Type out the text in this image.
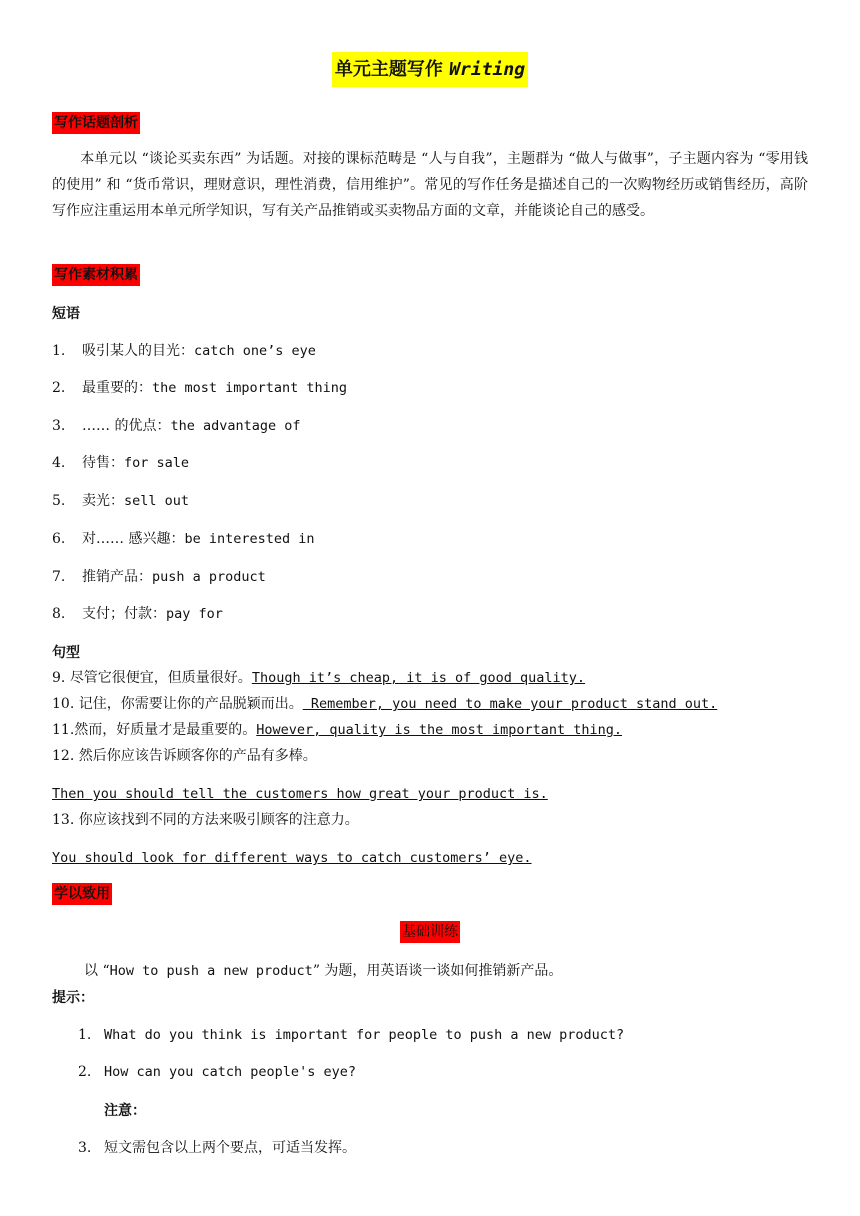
单元主题写作 Writing
写作话题剖析
本单元以 “谈论买卖东西” 为话题。对接的课标范畴是 “人与自我”，主题群为 “做人与做事”，子主题内容为 “零用钱的使用” 和 “货币常识，理财意识，理性消费，信用维护”。常见的写作任务是描述自己的一次购物经历或销售经历，高阶写作应注重运用本单元所学知识，写有关产品推销或买卖物品方面的文章，并能谈论自己的感受。
写作素材积累
短语
1. 吸引某人的目光：catch one’s eye
2. 最重要的：the most important thing
3. …… 的优点：the advantage of
4. 待售：for sale
5. 卖光：sell out
6. 对…… 感兴趣：be interested in
7. 推销产品：push a product
8. 支付；付款：pay for
句型
9. 尽管它很便宜，但质量很好。Though it’s cheap, it is of good quality.
10. 记住，你需要让你的产品脱颖而出。 Remember, you need to make your product stand out.
11.然而，好质量才是最重要的。However, quality is the most important thing.
12. 然后你应该告诉顾客你的产品有多棒。
Then you should tell the customers how great your product is.
13. 你应该找到不同的方法来吸引顾客的注意力。
You should look for different ways to catch customers’ eye.
学以致用
基础训练
以 “How to push a new product” 为题，用英语谈一谈如何推销新产品。
提示：
1. What do you think is important for people to push a new product?
2. How can you catch people's eye?
注意：
3. 短文需包含以上两个要点，可适当发挥。
